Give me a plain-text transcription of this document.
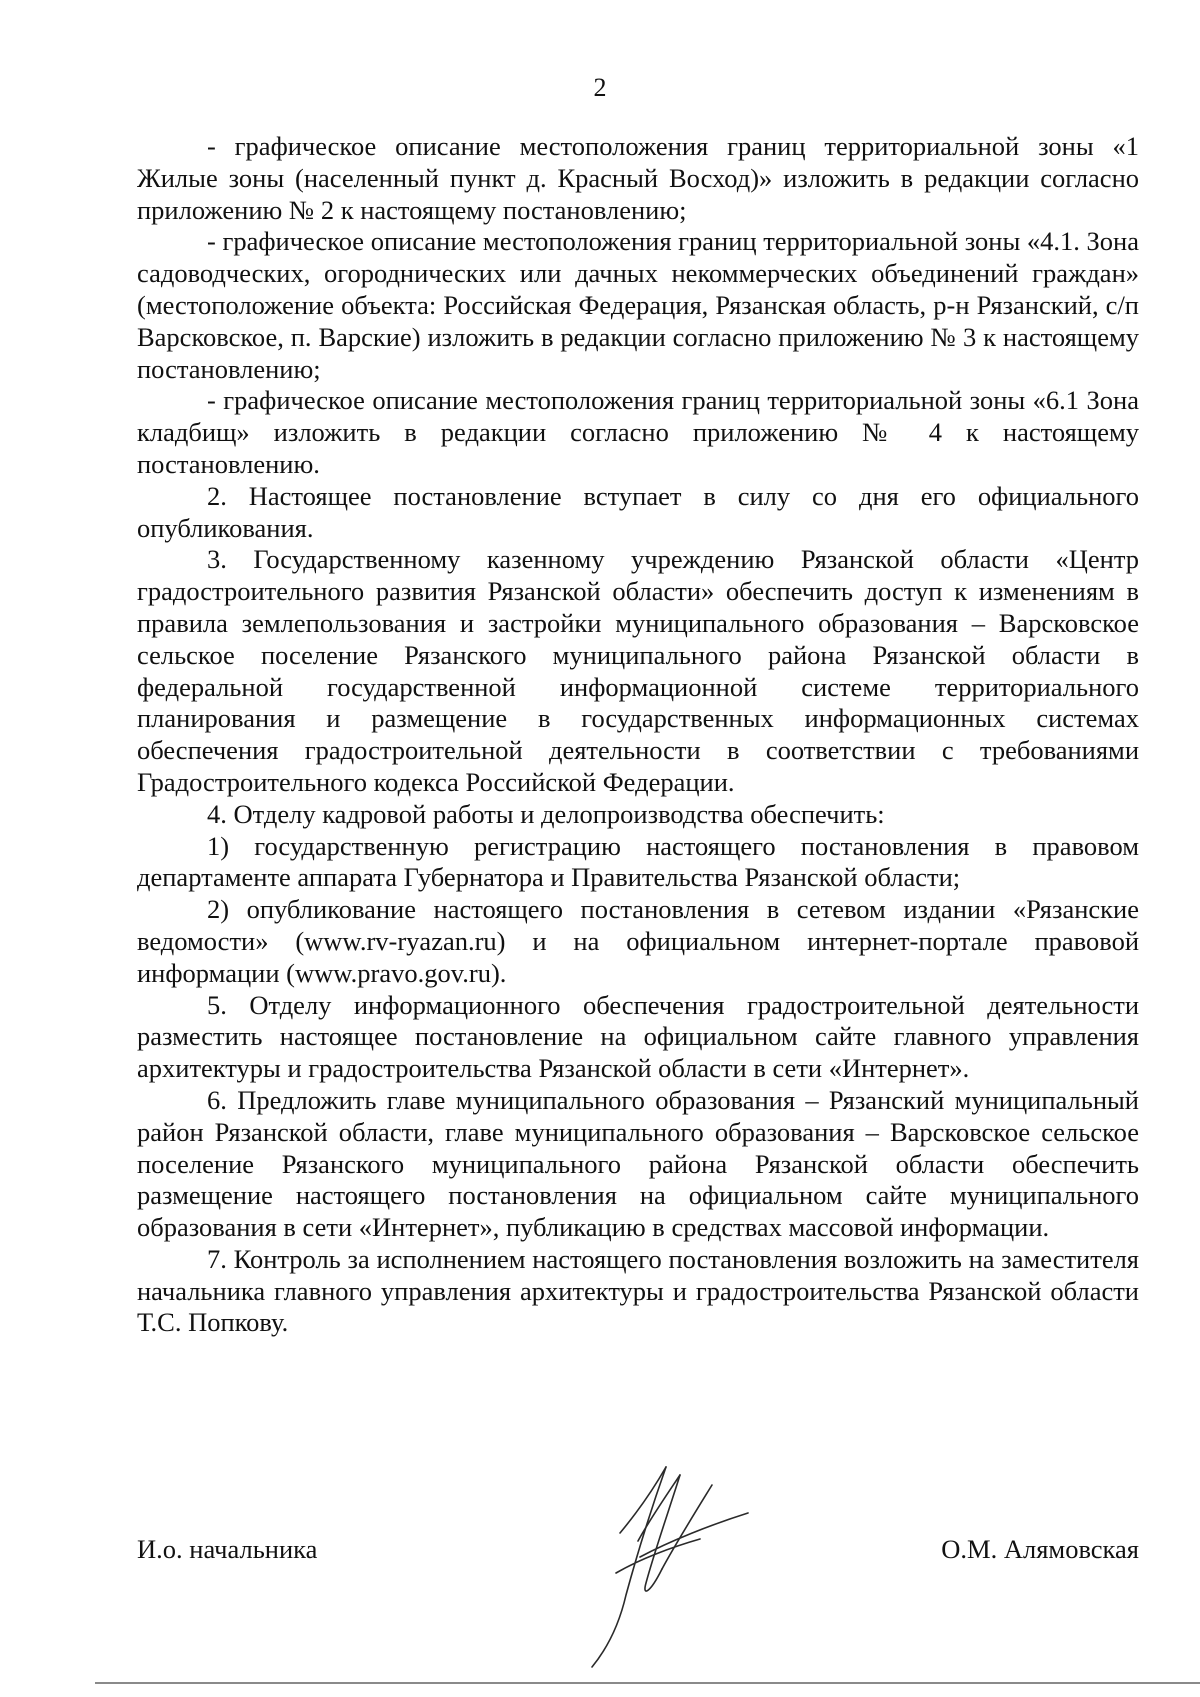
2

- графическое описание местоположения границ территориальной зоны «1 Жилые зоны (населенный пункт д. Красный Восход)» изложить в редакции согласно приложению № 2 к настоящему постановлению;

- графическое описание местоположения границ территориальной зоны «4.1. Зона садоводческих, огороднических или дачных некоммерческих объединений граждан» (местоположение объекта: Российская Федерация, Рязанская область, р-н Рязанский, с/п Варсковское, п. Варские) изложить в редакции согласно приложению № 3 к настоящему постановлению;

- графическое описание местоположения границ территориальной зоны «6.1 Зона кладбищ» изложить в редакции согласно приложению № 4 к настоящему постановлению.

2. Настоящее постановление вступает в силу со дня его официального опубликования.

3. Государственному казенному учреждению Рязанской области «Центр градостроительного развития Рязанской области» обеспечить доступ к изменениям в правила землепользования и застройки муниципального образования – Варсковское сельское поселение Рязанского муниципального района Рязанской области в федеральной государственной информационной системе территориального планирования и размещение в государственных информационных системах обеспечения градостроительной деятельности в соответствии с требованиями Градостроительного кодекса Российской Федерации.

4. Отделу кадровой работы и делопроизводства обеспечить:

1) государственную регистрацию настоящего постановления в правовом департаменте аппарата Губернатора и Правительства Рязанской области;

2) опубликование настоящего постановления в сетевом издании «Рязанские ведомости» (www.rv-ryazan.ru) и на официальном интернет-портале правовой информации (www.pravo.gov.ru).

5. Отделу информационного обеспечения градостроительной деятельности разместить настоящее постановление на официальном сайте главного управления архитектуры и градостроительства Рязанской области в сети «Интернет».

6. Предложить главе муниципального образования – Рязанский муниципальный район Рязанской области, главе муниципального образования – Варсковское сельское поселение Рязанского муниципального района Рязанской области обеспечить размещение настоящего постановления на официальном сайте муниципального образования в сети «Интернет», публикацию в средствах массовой информации.

7. Контроль за исполнением настоящего постановления возложить на заместителя начальника главного управления архитектуры и градостроительства Рязанской области Т.С. Попкову.

И.о. начальника	О.М. Алямовская
